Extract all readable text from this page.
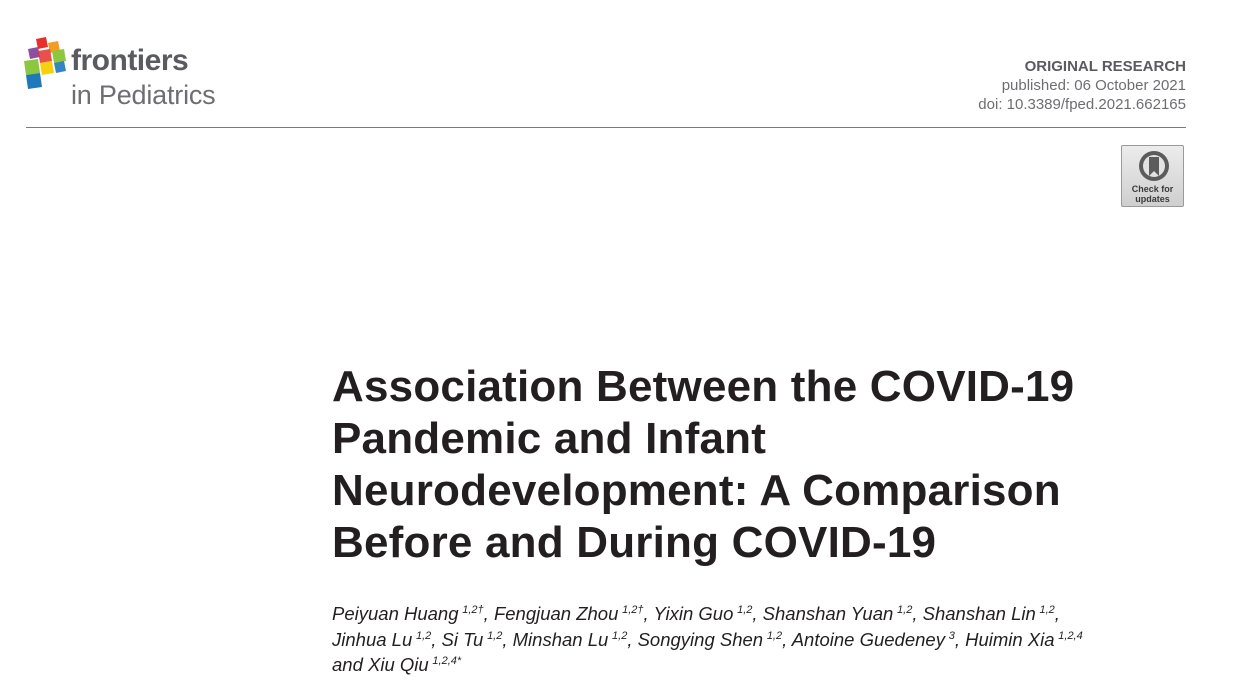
frontiers
in Pediatrics
ORIGINAL RESEARCH
published: 06 October 2021
doi: 10.3389/fped.2021.662165
Check for
updates
Association Between the COVID-19 Pandemic and Infant Neurodevelopment: A Comparison Before and During COVID-19

Peiyuan Huang  $^{1,2\dagger}$, Fengjuan Zhou  $^{1,2\dagger}$, Yixin Guo  $^{1,2}$, Shanshan Yuan  $^{1,2}$, Shanshan Lin  $^{1,2}$,
Jinhua Lu  $^{1,2}$, Si Tu  $^{1,2}$, Minshan Lu  $^{1,2}$, Songying Shen  $^{1,2}$, Antoine Guedeney  $^3$, Huimin Xia  $^{1,2,4}$
and Xiu Qiu  $^{1,2,4*}$
